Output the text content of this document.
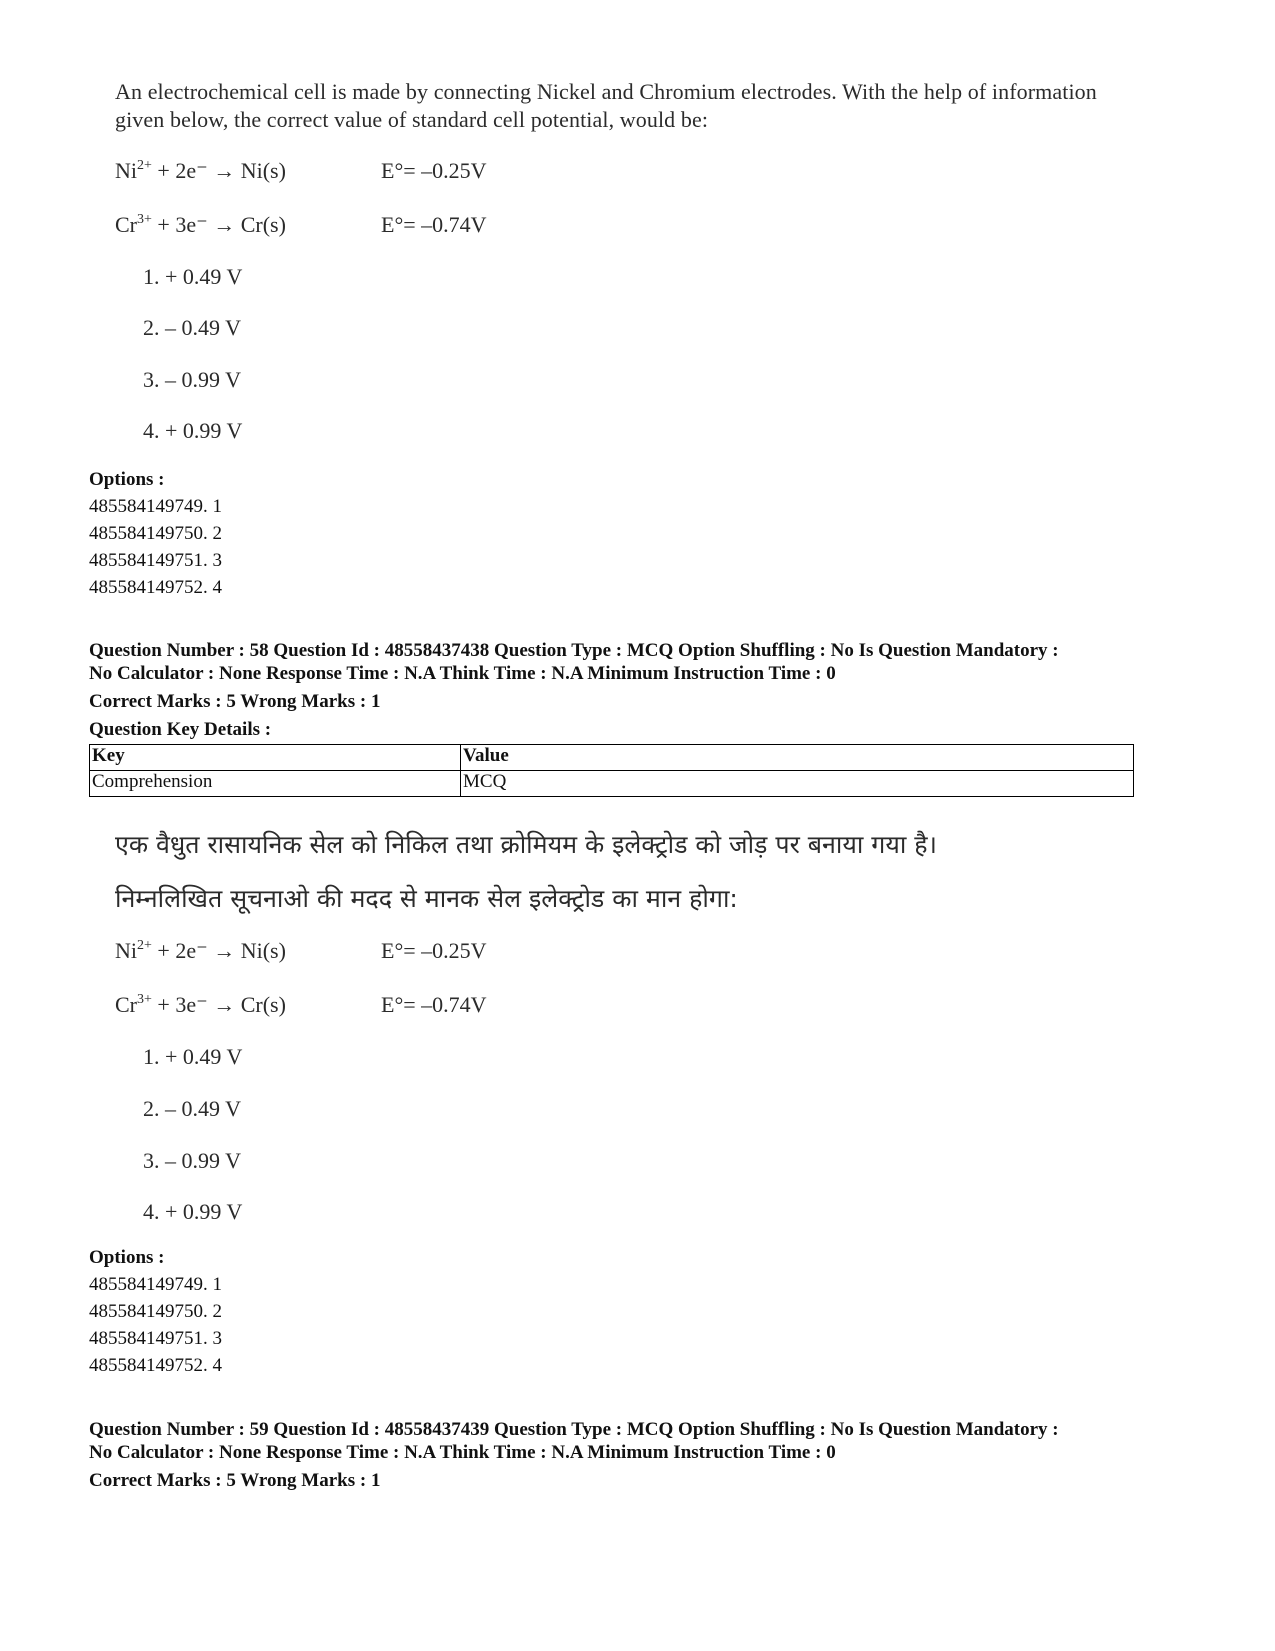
An electrochemical cell is made by connecting Nickel and Chromium electrodes. With the help of information given below, the correct value of standard cell potential, would be:
$Ni^{2+} + 2e^- \to Ni(s)$	E°= –0.25V
$Cr^{3+} + 3e^- \to Cr(s)$	E°= –0.74V
1. + 0.49 V
2. – 0.49 V
3. – 0.99 V
4. + 0.99 V
Options :
485584149749. 1
485584149750. 2
485584149751. 3
485584149752. 4
Question Number : 58 Question Id : 48558437438 Question Type : MCQ Option Shuffling : No Is Question Mandatory :
No Calculator : None Response Time : N.A Think Time : N.A Minimum Instruction Time : 0
Correct Marks : 5 Wrong Marks : 1
Question Key Details :
Key	Value
Comprehension	MCQ
एक वैधुत रासायनिक सेल को निकिल तथा क्रोमियम के इलेक्ट्रोड को जोड़ पर बनाया गया है।
निम्नलिखित सूचनाओ की मदद से मानक सेल इलेक्ट्रोड का मान होगा:
$Ni^{2+} + 2e^- \to Ni(s)$	E°= –0.25V
$Cr^{3+} + 3e^- \to Cr(s)$	E°= –0.74V
1. + 0.49 V
2. – 0.49 V
3. – 0.99 V
4. + 0.99 V
Options :
485584149749. 1
485584149750. 2
485584149751. 3
485584149752. 4
Question Number : 59 Question Id : 48558437439 Question Type : MCQ Option Shuffling : No Is Question Mandatory :
No Calculator : None Response Time : N.A Think Time : N.A Minimum Instruction Time : 0
Correct Marks : 5 Wrong Marks : 1
